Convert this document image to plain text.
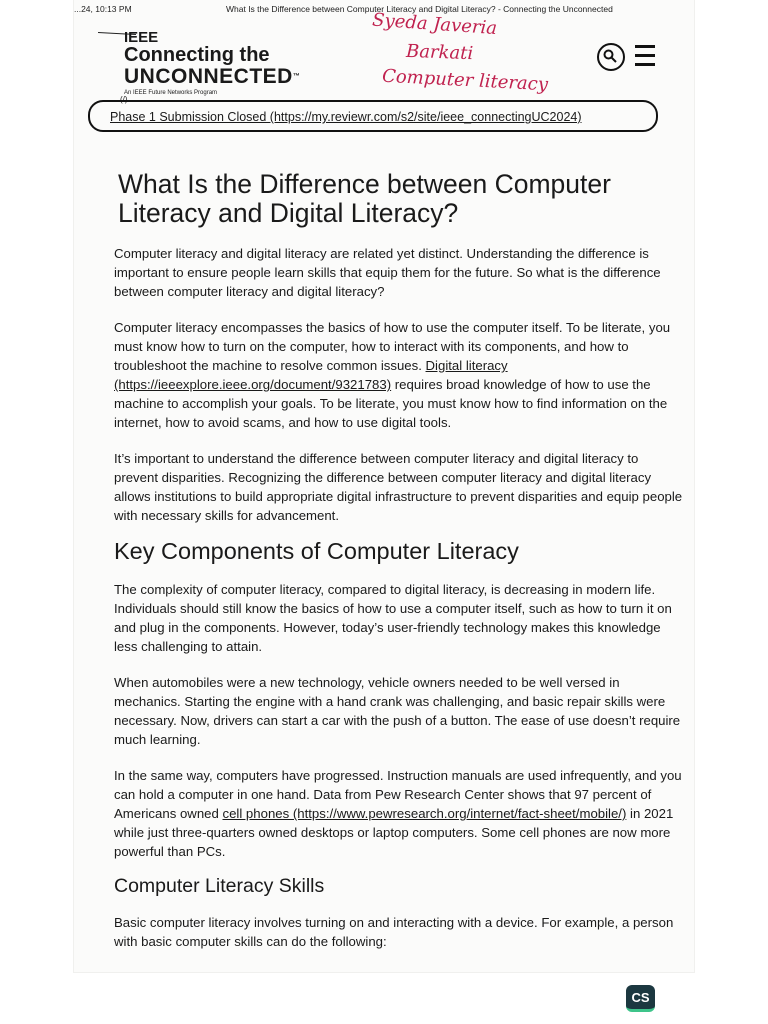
...24, 10:13 PM	What Is the Difference between Computer Literacy and Digital Literacy? - Connecting the Unconnected
IEEE
Connecting the
UNCONNECTED™
An IEEE Future Networks Program
(/)
Syeda Javeria
Barkati
Computer literacy
Phase 1 Submission Closed (https://my.reviewr.com/s2/site/ieee_connectingUC2024)
What Is the Difference between Computer Literacy and Digital Literacy?

Computer literacy and digital literacy are related yet distinct. Understanding the difference is important to ensure people learn skills that equip them for the future. So what is the difference between computer literacy and digital literacy?

Computer literacy encompasses the basics of how to use the computer itself. To be literate, you must know how to turn on the computer, how to interact with its components, and how to troubleshoot the machine to resolve common issues. Digital literacy (https://ieeexplore.ieee.org/document/9321783) requires broad knowledge of how to use the machine to accomplish your goals. To be literate, you must know how to find information on the internet, how to avoid scams, and how to use digital tools.

It’s important to understand the difference between computer literacy and digital literacy to prevent disparities. Recognizing the difference between computer literacy and digital literacy allows institutions to build appropriate digital infrastructure to prevent disparities and equip people with necessary skills for advancement.

Key Components of Computer Literacy

The complexity of computer literacy, compared to digital literacy, is decreasing in modern life. Individuals should still know the basics of how to use a computer itself, such as how to turn it on and plug in the components. However, today’s user-friendly technology makes this knowledge less challenging to attain.

When automobiles were a new technology, vehicle owners needed to be well versed in mechanics. Starting the engine with a hand crank was challenging, and basic repair skills were necessary. Now, drivers can start a car with the push of a button. The ease of use doesn’t require much learning.

In the same way, computers have progressed. Instruction manuals are used infrequently, and you can hold a computer in one hand. Data from Pew Research Center shows that 97 percent of Americans owned cell phones (https://www.pewresearch.org/internet/fact-sheet/mobile/) in 2021 while just three-quarters owned desktops or laptop computers. Some cell phones are now more powerful than PCs.

Computer Literacy Skills

Basic computer literacy involves turning on and interacting with a device. For example, a person with basic computer skills can do the following:

CS
